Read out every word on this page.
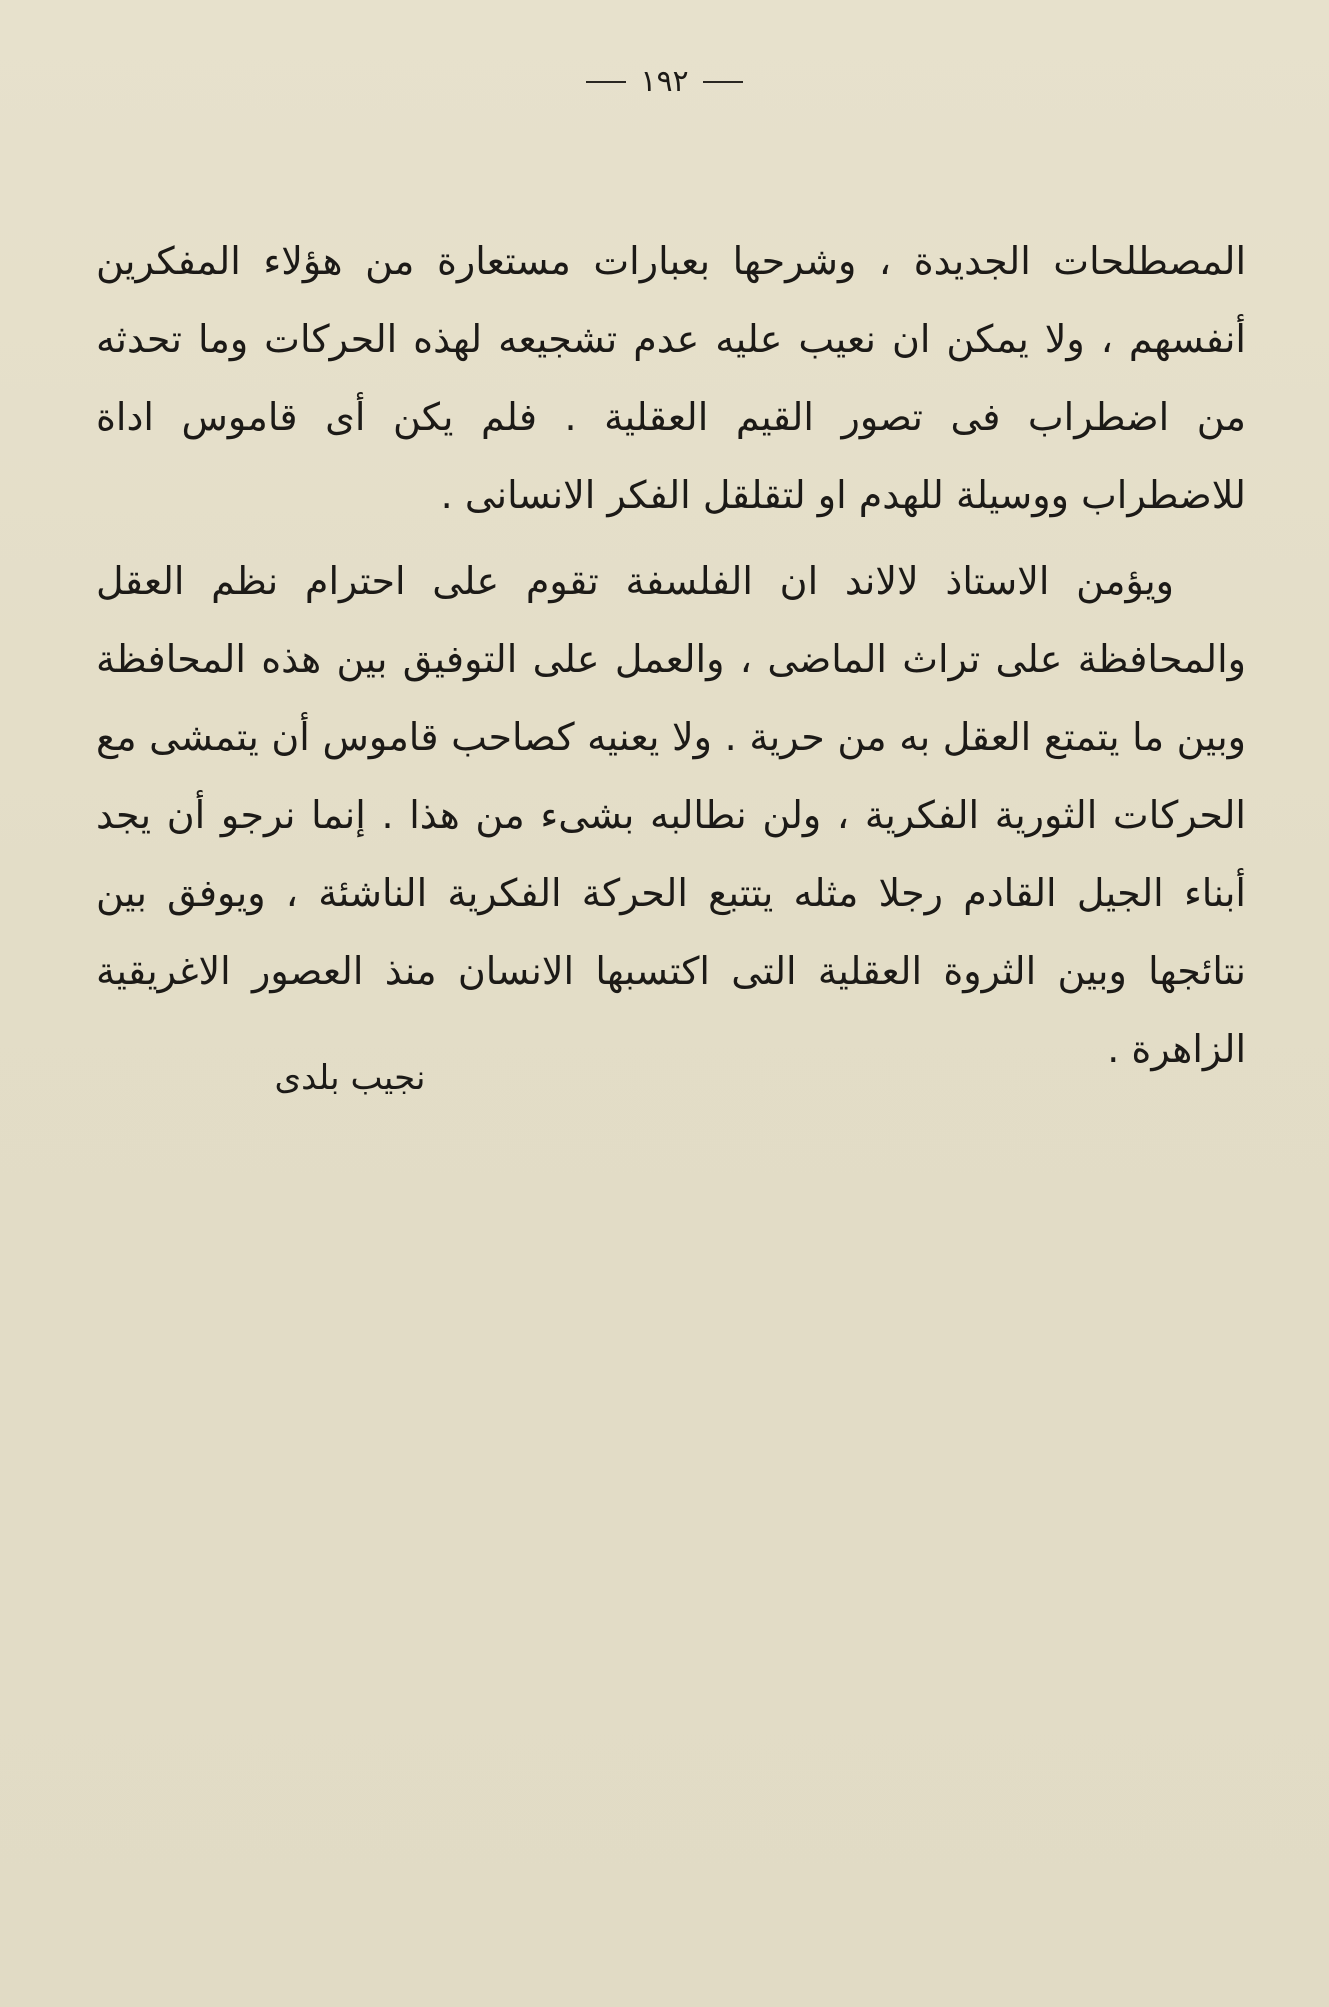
١٩٢

المصطلحات الجديدة ، وشرحها بعبارات مستعارة من هؤلاء المفكرين أنفسهم ، ولا يمكن ان نعيب عليه عدم تشجيعه لهذه الحركات وما تحدثه من اضطراب فى تصور القيم العقلية . فلم يكن أى قاموس اداة للاضطراب ووسيلة للهدم او لتقلقل الفكر الانسانى .

ويؤمن الاستاذ لالاند ان الفلسفة تقوم على احترام نظم العقل والمحافظة على تراث الماضى ، والعمل على التوفيق بين هذه المحافظة وبين ما يتمتع العقل به من حرية . ولا يعنيه كصاحب قاموس أن يتمشى مع الحركات الثورية الفكرية ، ولن نطالبه بشىء من هذا . إنما نرجو أن يجد أبناء الجيل القادم رجلا مثله يتتبع الحركة الفكرية الناشئة ، ويوفق بين نتائجها وبين الثروة العقلية التى اكتسبها الانسان منذ العصور الاغريقية الزاهرة .

نجيب بلدى
